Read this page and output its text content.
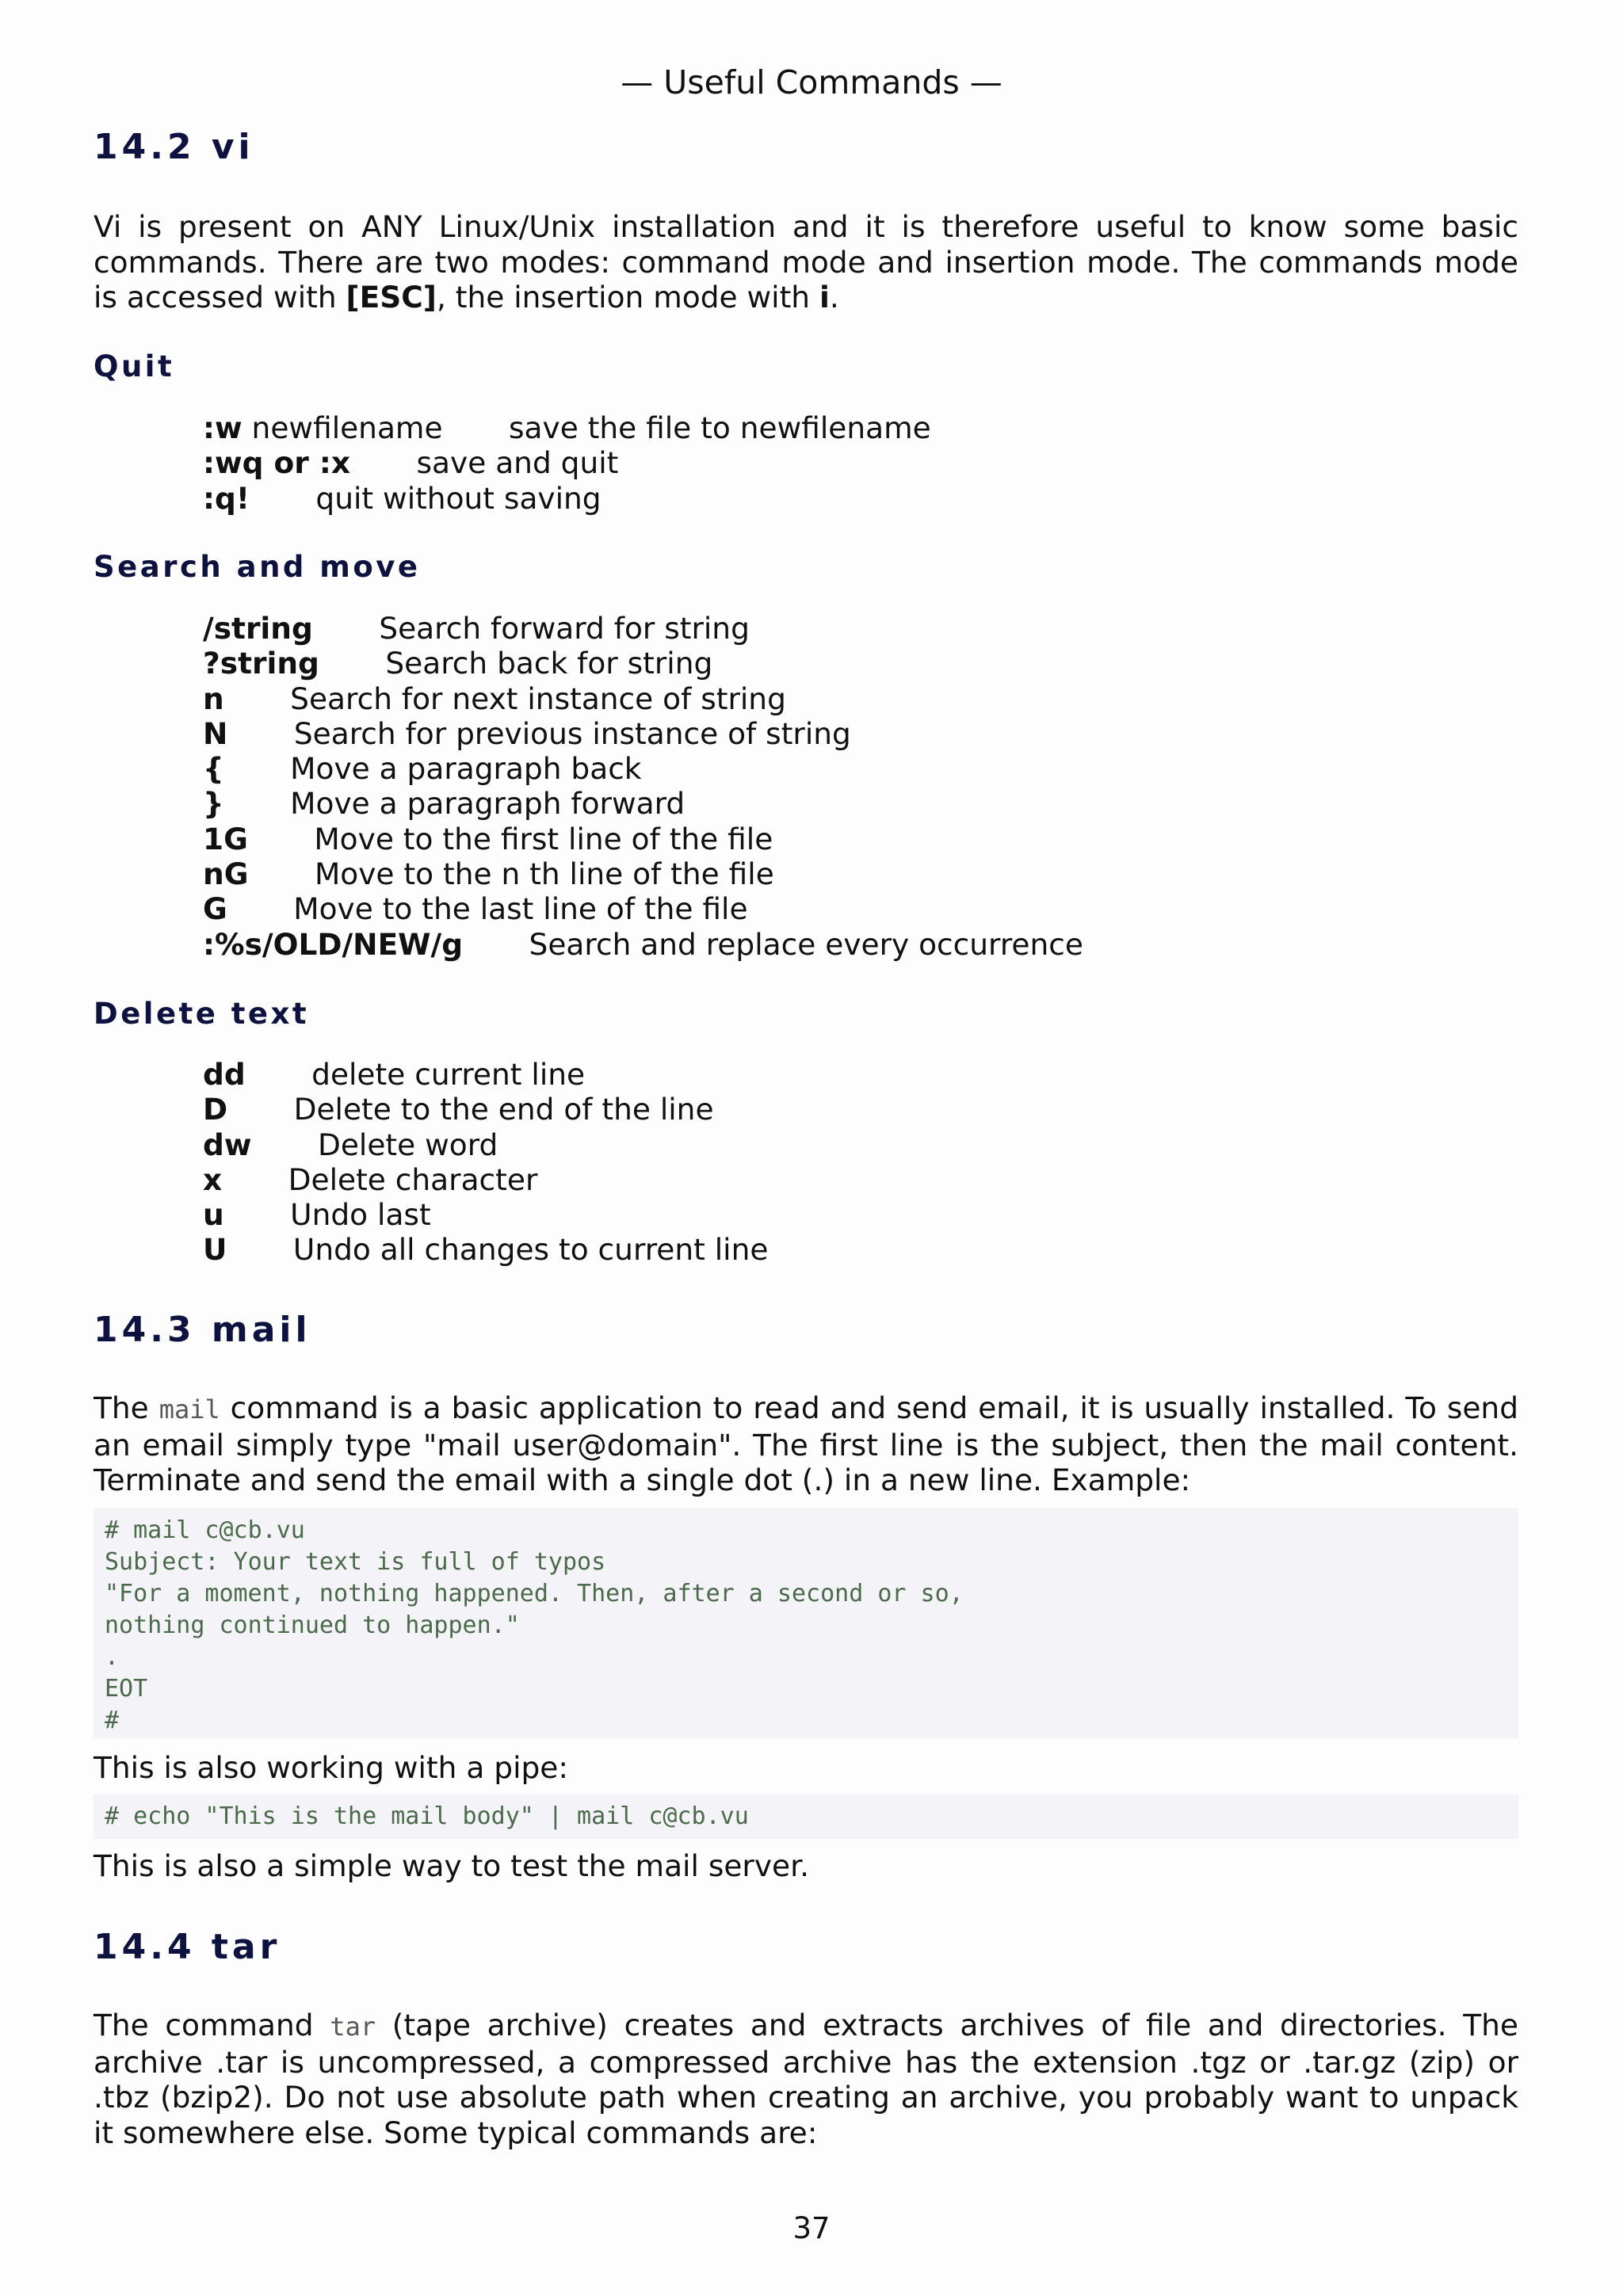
— Useful Commands —
14.2 vi
Vi is present on ANY Linux/Unix installation and it is therefore useful to know some basic commands. There are two modes: command mode and insertion mode. The commands mode is accessed with [ESC], the insertion mode with i.
Quit
:w newfilename save the file to newfilename
:wq or :x save and quit
:q! quit without saving
Search and move
/string Search forward for string
?string Search back for string
n Search for next instance of string
N Search for previous instance of string
{ Move a paragraph back
} Move a paragraph forward
1G Move to the first line of the file
nG Move to the n th line of the file
G Move to the last line of the file
:%s/OLD/NEW/g Search and replace every occurrence
Delete text
dd delete current line
D Delete to the end of the line
dw Delete word
x Delete character
u Undo last
U Undo all changes to current line
14.3 mail
The mail command is a basic application to read and send email, it is usually installed. To send an email simply type "mail user@domain". The first line is the subject, then the mail content. Terminate and send the email with a single dot (.) in a new line. Example:
# mail c@cb.vu
Subject: Your text is full of typos
"For a moment, nothing happened. Then, after a second or so,
nothing continued to happen."
.
EOT
#
This is also working with a pipe:
# echo "This is the mail body" | mail c@cb.vu
This is also a simple way to test the mail server.
14.4 tar
The command tar (tape archive) creates and extracts archives of file and directories. The archive .tar is uncompressed, a compressed archive has the extension .tgz or .tar.gz (zip) or .tbz (bzip2). Do not use absolute path when creating an archive, you probably want to unpack it somewhere else. Some typical commands are:
37
